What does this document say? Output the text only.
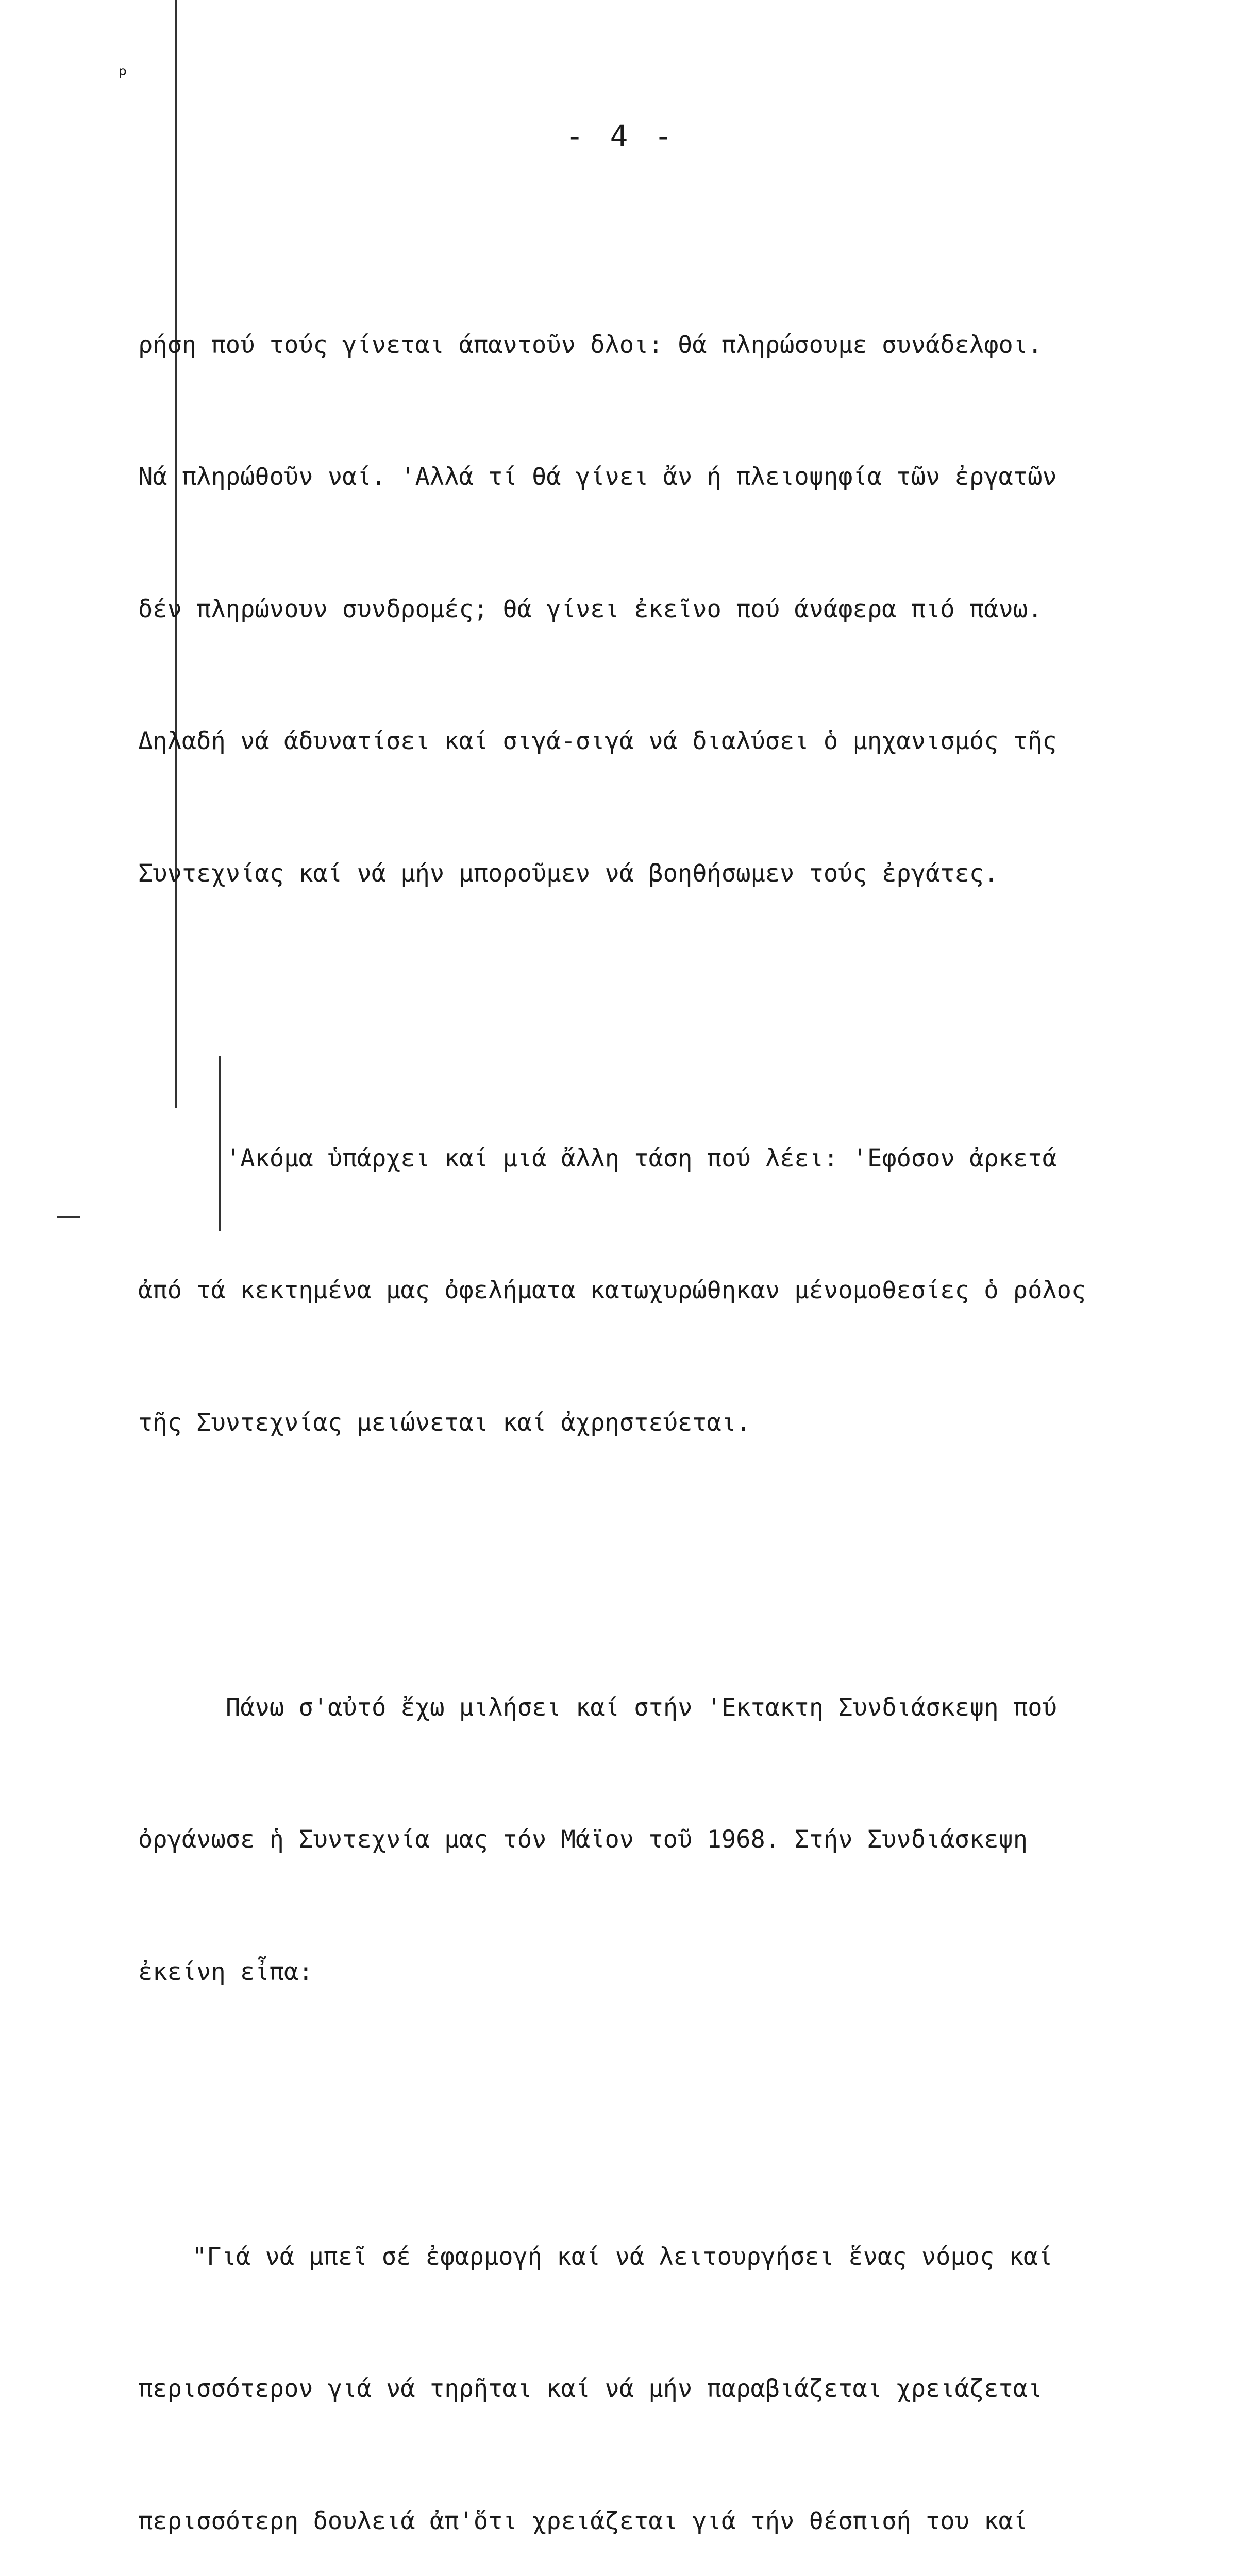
ᵖ
- 4 -

ρήση πού τούς γίνεται άπαντοῦν δλοι: θά πληρώσουμε συνάδελφοι.

Νά πληρώθοῦν ναί. 'Αλλά τί θά γίνει ἄν ή πλειοψηφία τῶν ἐργατῶν

δέν πληρώνουν συνδρομές; θά γίνει ἐκεῖνο πού άνάφερα πιό πάνω.

Δηλαδή νά άδυνατίσει καί σιγά-σιγά νά διαλύσει ὁ μηχανισμός τῆς

Συντεχνίας καί νά μήν μποροῦμεν νά βοηθήσωμεν τούς ἐργάτες.

'Ακόμα ὑπάρχει καί μιά ἄλλη τάση πού λέει: 'Εφόσον ἀρκετά

ἀπό τά κεκτημένα μας ὀφελήματα κατωχυρώθηκαν μένομοθεσίες ὁ ρόλος

τῆς Συντεχνίας μειώνεται καί ἀχρηστεύεται.

Πάνω σ'αὐτό ἔχω μιλήσει καί στήν 'Εκτακτη Συνδιάσκεψη πού

ὀργάνωσε ἡ Συντεχνία μας τόν Μάϊον τοῦ 1968. Στήν Συνδιάσκεψη

ἐκείνη εἶπα:

"Γιά νά μπεῖ σέ ἐφαρμογή καί νά λειτουργήσει ἕνας νόμος καί

περισσότερον γιά νά τηρῆται καί νά μήν παραβιάζεται χρειάζεται

περισσότερη δουλειά ἀπ'ὅτι χρειάζεται γιά τήν θέσπισή του καί
